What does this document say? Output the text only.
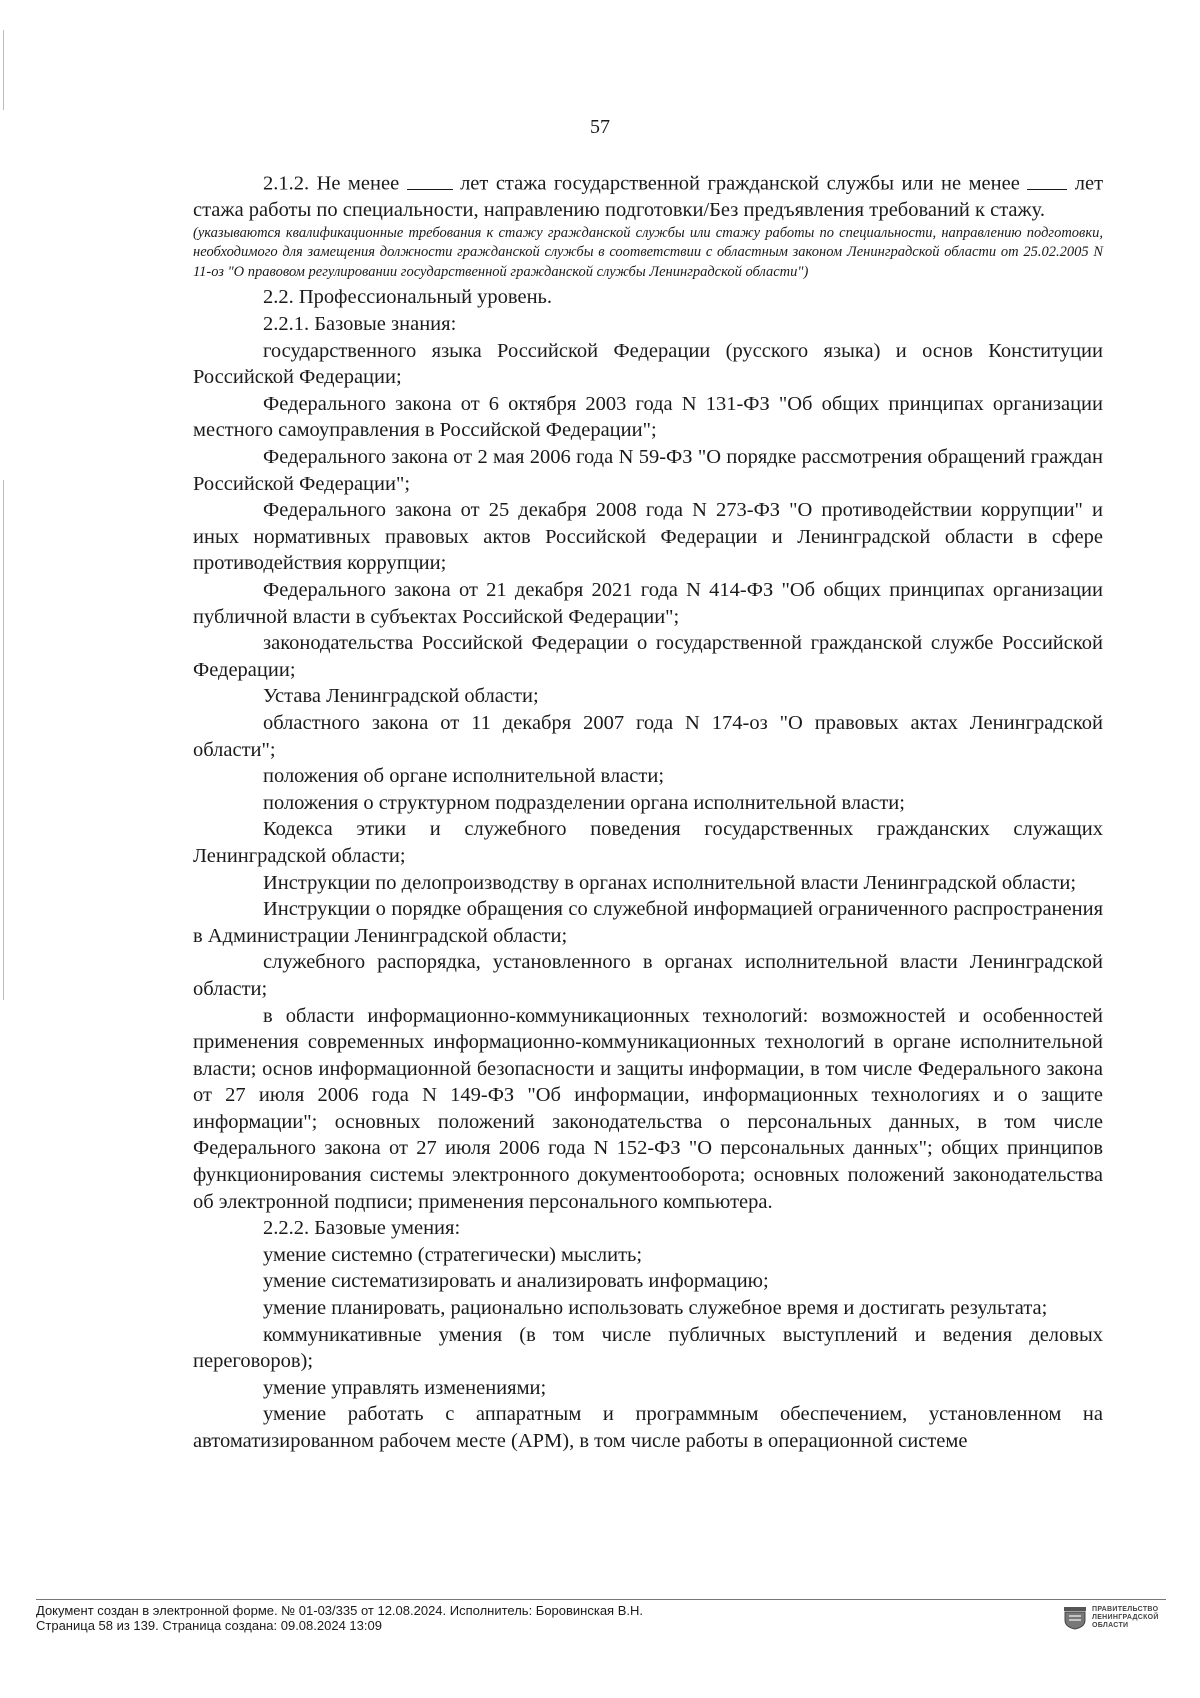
57

2.1.2. Не менее	лет стажа государственной гражданской службы или не менее	лет стажа работы по специальности, направлению подготовки/Без предъявления требований к стажу.

(указываются квалификационные требования к стажу гражданской службы или стажу работы по специальности, направлению подготовки, необходимого для замещения должности гражданской службы в соответствии с областным законом Ленинградской области от 25.02.2005 N 11-оз "О правовом регулировании государственной гражданской службы Ленинградской области")

2.2. Профессиональный уровень.

2.2.1. Базовые знания:

государственного языка Российской Федерации (русского языка) и основ Конституции Российской Федерации;

Федерального закона от 6 октября 2003 года N 131-ФЗ "Об общих принципах организации местного самоуправления в Российской Федерации";

Федерального закона от 2 мая 2006 года N 59-ФЗ "О порядке рассмотрения обращений граждан Российской Федерации";

Федерального закона от 25 декабря 2008 года N 273-ФЗ "О противодействии коррупции" и иных нормативных правовых актов Российской Федерации и Ленинградской области в сфере противодействия коррупции;

Федерального закона от 21 декабря 2021 года N 414-ФЗ "Об общих принципах организации публичной власти в субъектах Российской Федерации";

законодательства Российской Федерации о государственной гражданской службе Российской Федерации;

Устава Ленинградской области;

областного закона от 11 декабря 2007 года N 174-оз "О правовых актах Ленинградской области";

положения об органе исполнительной власти;

положения о структурном подразделении органа исполнительной власти;

Кодекса этики и служебного поведения государственных гражданских служащих Ленинградской области;

Инструкции по делопроизводству в органах исполнительной власти Ленинградской области;

Инструкции о порядке обращения со служебной информацией ограниченного распространения в Администрации Ленинградской области;

служебного распорядка, установленного в органах исполнительной власти Ленинградской области;

в области информационно-коммуникационных технологий: возможностей и особенностей применения современных информационно-коммуникационных технологий в органе исполнительной власти; основ информационной безопасности и защиты информации, в том числе Федерального закона от 27 июля 2006 года N 149-ФЗ "Об информации, информационных технологиях и о защите информации"; основных положений законодательства о персональных данных, в том числе Федерального закона от 27 июля 2006 года N 152-ФЗ "О персональных данных"; общих принципов функционирования системы электронного документооборота; основных положений законодательства об электронной подписи; применения персонального компьютера.

2.2.2. Базовые умения:

умение системно (стратегически) мыслить;

умение систематизировать и анализировать информацию;

умение планировать, рационально использовать служебное время и достигать результата;

коммуникативные умения (в том числе публичных выступлений и ведения деловых переговоров);

умение управлять изменениями;

умение работать с аппаратным и программным обеспечением, установленном на автоматизированном рабочем месте (АРМ), в том числе работы в операционной системе

Документ создан в электронной форме. № 01-03/335 от 12.08.2024. Исполнитель: Боровинская В.Н.
Страница 58 из 139. Страница создана: 09.08.2024 13:09
ПРАВИТЕЛЬСТВО
ЛЕНИНГРАДСКОЙ
ОБЛАСТИ
